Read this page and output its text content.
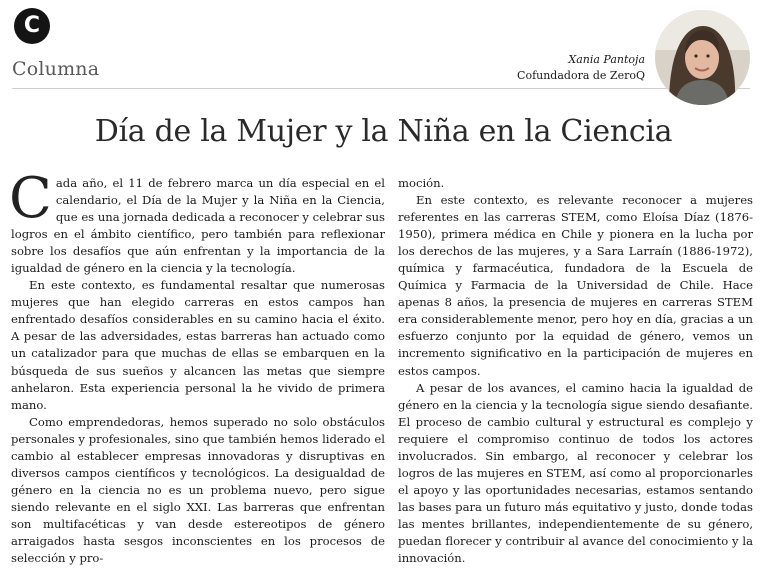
C
Columna	Xania Pantoja
Cofundadora de ZeroQ
Día de la Mujer y la Niña en la Ciencia

Cada año, el 11 de febrero marca un día especial en el calendario, el Día de la Mujer y la Niña en la Ciencia, que es una jornada dedicada a reconocer y celebrar sus logros en el ámbito científico, pero también para reflexionar sobre los desafíos que aún enfrentan y la importancia de la igualdad de género en la ciencia y la tecnología.

En este contexto, es fundamental resaltar que numerosas mujeres que han elegido carreras en estos campos han enfrentado desafíos considerables en su camino hacia el éxito. A pesar de las adversidades, estas barreras han actuado como un catalizador para que muchas de ellas se embarquen en la búsqueda de sus sueños y alcancen las metas que siempre anhelaron. Esta experiencia personal la he vivido de primera mano.

Como emprendedoras, hemos superado no solo obstáculos personales y profesionales, sino que también hemos liderado el cambio al establecer empresas innovadoras y disruptivas en diversos campos científicos y tecnológicos. La desigualdad de género en la ciencia no es un problema nuevo, pero sigue siendo relevante en el siglo XXI. Las barreras que enfrentan son multifacéticas y van desde estereotipos de género arraigados hasta sesgos inconscientes en los procesos de selección y pro-

moción.

En este contexto, es relevante reconocer a mujeres referentes en las carreras STEM, como Eloísa Díaz (1876-1950), primera médica en Chile y pionera en la lucha por los derechos de las mujeres, y a Sara Larraín (1886-1972), química y farmacéutica, fundadora de la Escuela de Química y Farmacia de la Universidad de Chile. Hace apenas 8 años, la presencia de mujeres en carreras STEM era considerablemente menor, pero hoy en día, gracias a un esfuerzo conjunto por la equidad de género, vemos un incremento significativo en la participación de mujeres en estos campos.

A pesar de los avances, el camino hacia la igualdad de género en la ciencia y la tecnología sigue siendo desafiante. El proceso de cambio cultural y estructural es complejo y requiere el compromiso continuo de todos los actores involucrados. Sin embargo, al reconocer y celebrar los logros de las mujeres en STEM, así como al proporcionarles el apoyo y las oportunidades necesarias, estamos sentando las bases para un futuro más equitativo y justo, donde todas las mentes brillantes, independientemente de su género, puedan florecer y contribuir al avance del conocimiento y la innovación.
